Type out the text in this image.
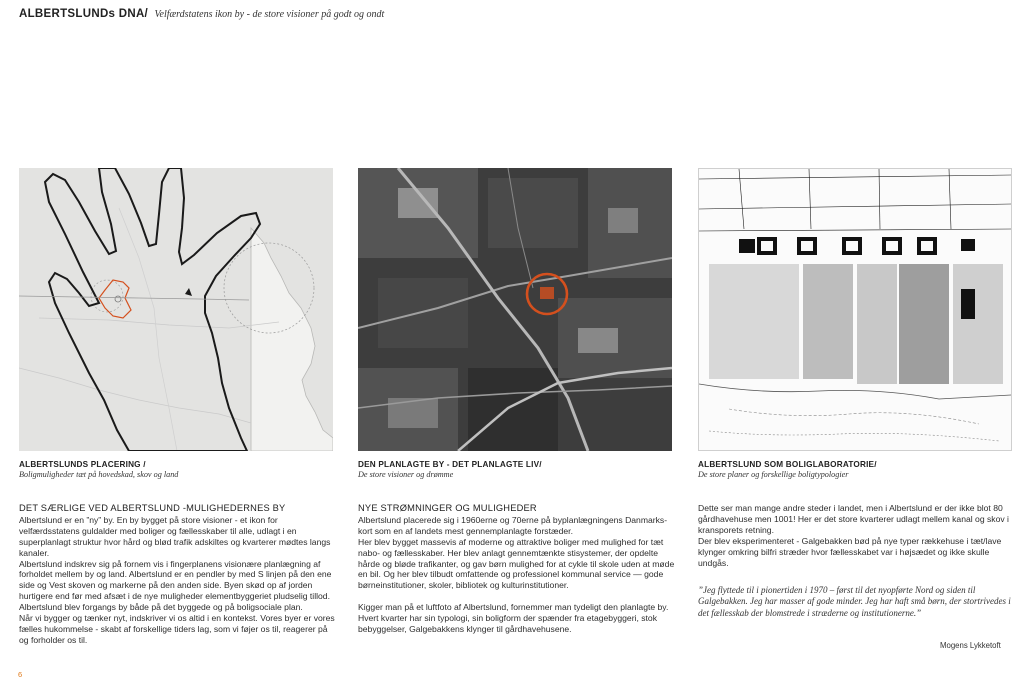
ALBERTSLUNDs DNA/ Velfærdstatens ikon by - de store visioner på godt og ondt
ALBERTSLUNDS PLACERING /
Boligmuligheder tæt på hovedskad, skov og land
DEN PLANLAGTE BY - DET PLANLAGTE LIV/
De store visioner og drømme
ALBERTSLUND SOM BOLIGLABORATORIE/
De store planer og forskellige boligtypologier
DET SÆRLIGE VED ALBERTSLUND -MULIGHEDERNES BY

Albertslund er en ”ny” by. En by bygget på store visioner - et ikon for velfærdsstatens guldalder med boliger og fællesskaber til alle, udlagt i en superplanlagt struktur hvor hård og blød trafik adskiltes og kvarterer mødtes langs kanaler.

Albertslund indskrev sig på fornem vis i fingerplanens visionære planlægning af forholdet mellem by og land. Albertslund er en pendler by med S linjen på den ene side og Vest skoven og markerne på den anden side. Byen skød op af jorden hurtigere end før med afsæt i de nye muligheder elementbyggeriet pludselig tillod. Albertslund blev forgangs by både på det byggede og på boligsociale plan.

Når vi bygger og tænker nyt, indskriver vi os altid i en kontekst. Vores byer er vores fælles hukommelse - skabt af forskellige tiders lag, som vi føjer os til, reagerer på og forholder os til.

NYE STRØMNINGER OG MULIGHEDER

Albertslund placerede sig i 1960erne og 70erne på byplanlægningens Danmarks- kort som en af landets mest gennemplanlagte forstæder.

Her blev bygget massevis af moderne og attraktive boliger med mulighed for tæt nabo- og fællesskaber. Her blev anlagt gennemtænkte stisystemer, der opdelte hårde og bløde trafikanter, og gav børn mulighed for at cykle til skole uden at møde en bil. Og her blev tilbudt omfattende og professionel kommunal service — gode børneinstitutioner, skoler, bibliotek og kulturinstitutioner.

Kigger man på et luftfoto af Albertslund, fornemmer man tydeligt den planlagte by. Hvert kvarter har sin typologi, sin boligform der spænder fra etagebyggeri, stok bebyggelser, Galgebakkens klynger til gårdhavehusene.

Dette ser man mange andre steder i landet, men i Albertslund er der ikke blot 80 gårdhavehuse men 1001! Her er det store kvarterer udlagt mellem kanal og skov i kransporets retning.

Der blev eksperimenteret - Galgebakken bød på nye typer rækkehuse i tæt/lave klynger omkring bilfri stræder hvor fællesskabet var i højsædet og ikke skulle undgås.

”Jeg flyttede til i pionertiden i 1970 – først til det nyopførte Nord og siden til Galgebakken. Jeg har masser af gode minder. Jeg har haft små børn, der stortrivedes i det fællesskab der blomstrede i stræderne og institutionerne.”
Mogens Lykketoft
6
